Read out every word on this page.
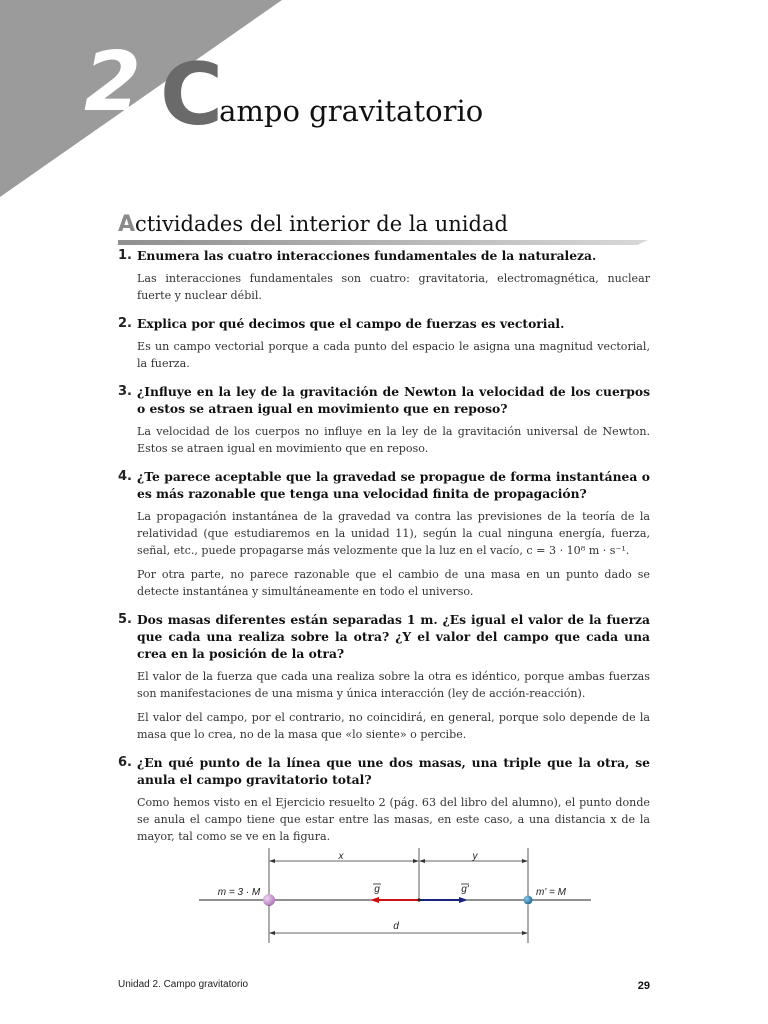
2 Campo gravitatorio
Actividades del interior de la unidad
1. Enumera las cuatro interacciones fundamentales de la naturaleza.

Las interacciones fundamentales son cuatro: gravitatoria, electromagnética, nuclear fuerte y nuclear débil.

2. Explica por qué decimos que el campo de fuerzas es vectorial.

Es un campo vectorial porque a cada punto del espacio le asigna una magnitud vectorial, la fuerza.

3. ¿Influye en la ley de la gravitación de Newton la velocidad de los cuerpos o estos se atraen igual en movimiento que en reposo?

La velocidad de los cuerpos no influye en la ley de la gravitación universal de Newton. Estos se atraen igual en movimiento que en reposo.

4. ¿Te parece aceptable que la gravedad se propague de forma instantánea o es más razonable que tenga una velocidad finita de propagación?

La propagación instantánea de la gravedad va contra las previsiones de la teoría de la relatividad (que estudiaremos en la unidad 11), según la cual ninguna energía, fuerza, señal, etc., puede propagarse más velozmente que la luz en el vacío, c = 3 · 10⁸ m · s⁻¹.

Por otra parte, no parece razonable que el cambio de una masa en un punto dado se detecte instantánea y simultáneamente en todo el universo.

5. Dos masas diferentes están separadas 1 m. ¿Es igual el valor de la fuerza que cada una realiza sobre la otra? ¿Y el valor del campo que cada una crea en la posición de la otra?

El valor de la fuerza que cada una realiza sobre la otra es idéntico, porque ambas fuerzas son manifestaciones de una misma y única interacción (ley de acción-reacción).

El valor del campo, por el contrario, no coincidirá, en general, porque solo depende de la masa que lo crea, no de la masa que «lo siente» o percibe.

6. ¿En qué punto de la línea que une dos masas, una triple que la otra, se anula el campo gravitatorio total?

Como hemos visto en el Ejercicio resuelto 2 (pág. 63 del libro del alumno), el punto donde se anula el campo tiene que estar entre las masas, en este caso, a una distancia x de la mayor, tal como se ve en la figura.

x	y
g	g'
m = 3 · M	m' = M
d
Unidad 2. Campo gravitatorio	29
